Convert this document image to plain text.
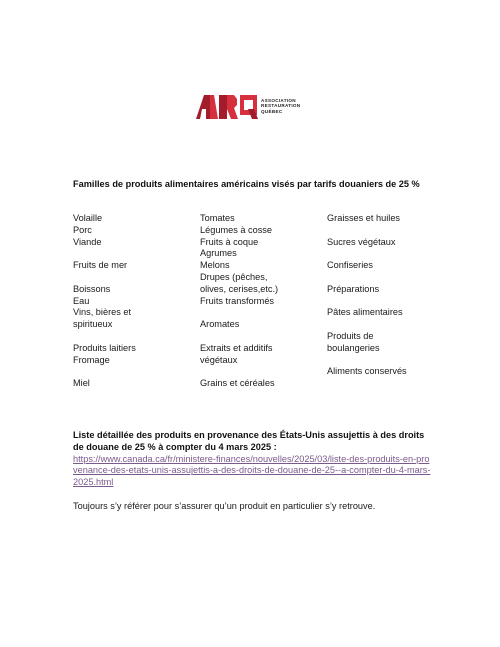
ASSOCIATION
RESTAURATION
QUÉBEC
Familles de produits alimentaires américains visés par tarifs douaniers de 25 %
Volaille
Porc
Viande
Fruits de mer
Boissons
Eau
Vins, bières et
spiritueux
Produits laitiers
Fromage
Miel
Tomates
Légumes à cosse
Fruits à coque
Agrumes
Melons
Drupes (pêches,
olives, cerises,etc.)
Fruits transformés
Aromates
Extraits et additifs
végétaux
Grains et céréales
Graisses et huiles
Sucres végétaux
Confiseries
Préparations
Pâtes alimentaires
Produits de
boulangeries
Aliments conservés
Liste détaillée des produits en provenance des États-Unis assujettis à des droits de douane de 25 % à compter du 4 mars 2025 :
https://www.canada.ca/fr/ministere-finances/nouvelles/2025/03/liste-des-produits-en-provenance-des-etats-unis-assujettis-a-des-droits-de-douane-de-25--a-compter-du-4-mars-2025.html
Toujours s’y référer pour s’assurer qu’un produit en particulier s’y retrouve.
